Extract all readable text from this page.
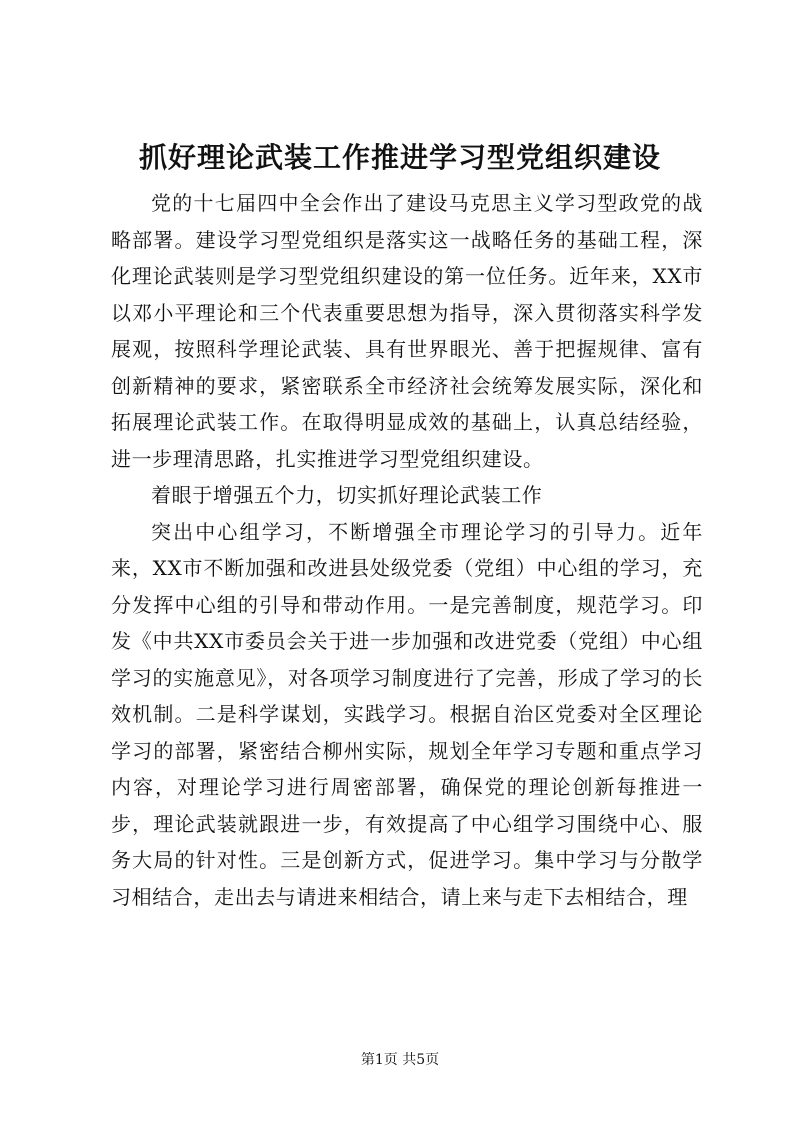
抓好理论武装工作推进学习型党组织建设

党的十七届四中全会作出了建设马克思主义学习型政党的战略部署。建设学习型党组织是落实这一战略任务的基础工程，深化理论武装则是学习型党组织建设的第一位任务。近年来，XX市以邓小平理论和三个代表重要思想为指导，深入贯彻落实科学发展观，按照科学理论武装、具有世界眼光、善于把握规律、富有创新精神的要求，紧密联系全市经济社会统筹发展实际，深化和拓展理论武装工作。在取得明显成效的基础上，认真总结经验，进一步理清思路，扎实推进学习型党组织建设。

着眼于增强五个力，切实抓好理论武装工作

突出中心组学习，不断增强全市理论学习的引导力。近年来，XX市不断加强和改进县处级党委（党组）中心组的学习，充分发挥中心组的引导和带动作用。一是完善制度，规范学习。印发《中共XX市委员会关于进一步加强和改进党委（党组）中心组学习的实施意见》，对各项学习制度进行了完善，形成了学习的长效机制。二是科学谋划，实践学习。根据自治区党委对全区理论学习的部署，紧密结合柳州实际，规划全年学习专题和重点学习内容，对理论学习进行周密部署，确保党的理论创新每推进一步，理论武装就跟进一步，有效提高了中心组学习围绕中心、服务大局的针对性。三是创新方式，促进学习。集中学习与分散学习相结合，走出去与请进来相结合，请上来与走下去相结合，理

第1页 共5页
